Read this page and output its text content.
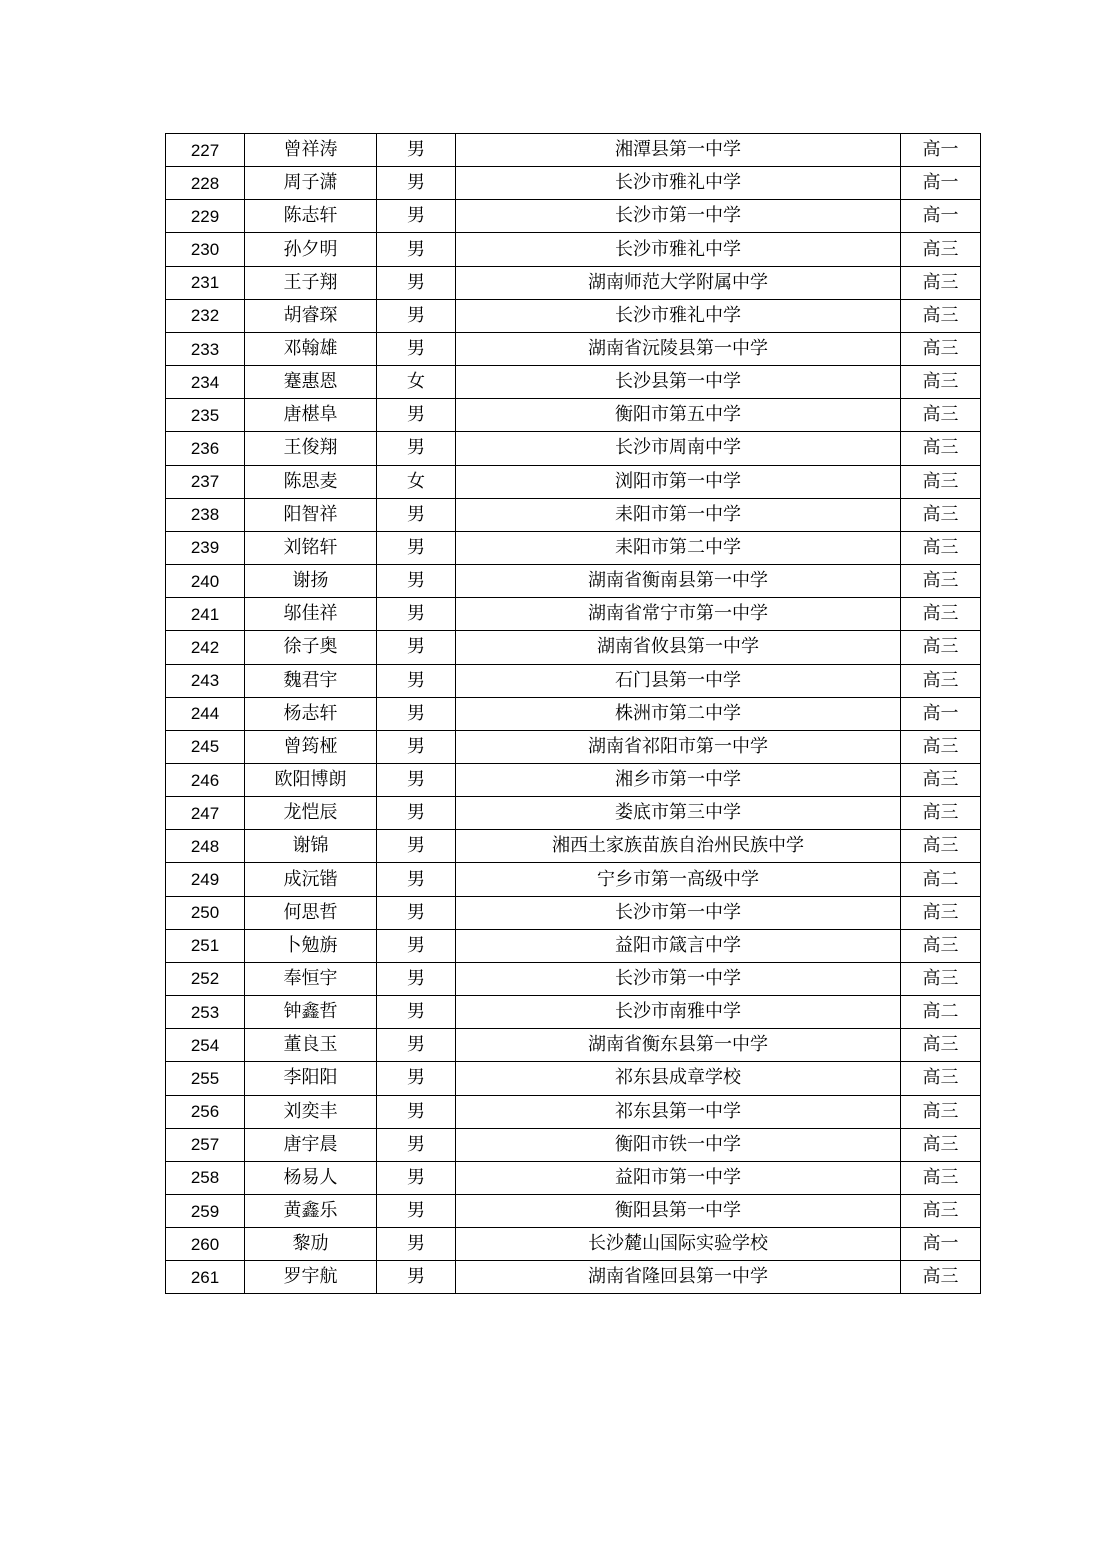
227	曾祥涛	男	湘潭县第一中学	高一
228	周子潇	男	长沙市雅礼中学	高一
229	陈志轩	男	长沙市第一中学	高一
230	孙夕明	男	长沙市雅礼中学	高三
231	王子翔	男	湖南师范大学附属中学	高三
232	胡睿琛	男	长沙市雅礼中学	高三
233	邓翰雄	男	湖南省沅陵县第一中学	高三
234	蹇惠恩	女	长沙县第一中学	高三
235	唐椹阜	男	衡阳市第五中学	高三
236	王俊翔	男	长沙市周南中学	高三
237	陈思麦	女	浏阳市第一中学	高三
238	阳智祥	男	耒阳市第一中学	高三
239	刘铭轩	男	耒阳市第二中学	高三
240	谢扬	男	湖南省衡南县第一中学	高三
241	邬佳祥	男	湖南省常宁市第一中学	高三
242	徐子奥	男	湖南省攸县第一中学	高三
243	魏君宇	男	石门县第一中学	高三
244	杨志轩	男	株洲市第二中学	高一
245	曾筠桠	男	湖南省祁阳市第一中学	高三
246	欧阳博朗	男	湘乡市第一中学	高三
247	龙恺辰	男	娄底市第三中学	高三
248	谢锦	男	湘西土家族苗族自治州民族中学	高三
249	成沅锴	男	宁乡市第一高级中学	高二
250	何思哲	男	长沙市第一中学	高三
251	卜勉旃	男	益阳市箴言中学	高三
252	奉恒宇	男	长沙市第一中学	高三
253	钟鑫哲	男	长沙市南雅中学	高二
254	董良玉	男	湖南省衡东县第一中学	高三
255	李阳阳	男	祁东县成章学校	高三
256	刘奕丰	男	祁东县第一中学	高三
257	唐宇晨	男	衡阳市铁一中学	高三
258	杨易人	男	益阳市第一中学	高三
259	黄鑫乐	男	衡阳县第一中学	高三
260	黎劢	男	长沙麓山国际实验学校	高一
261	罗宇航	男	湖南省隆回县第一中学	高三
